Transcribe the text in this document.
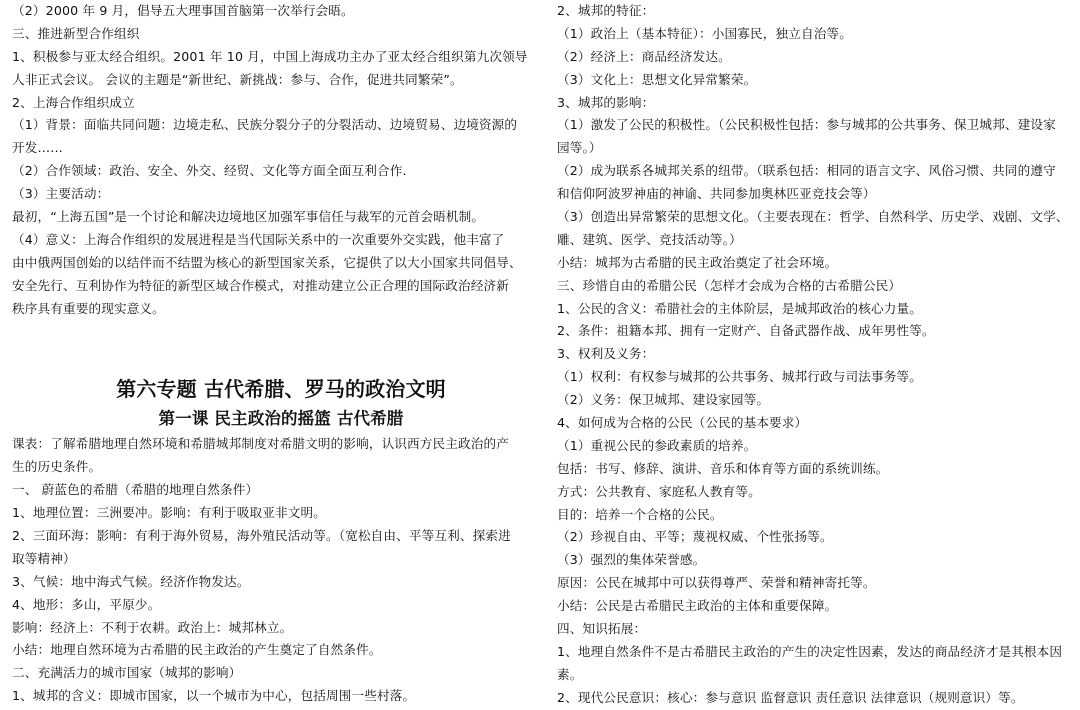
（2）2000 年 9 月，倡导五大理事国首脑第一次举行会晤。
三、推进新型合作组织
1、积极参与亚太经合组织。2001 年 10 月，中国上海成功主办了亚太经合组织第九次领导
人非正式会议。 会议的主题是“新世纪、新挑战：参与、合作，促进共同繁荣”。
2、上海合作组织成立
（1）背景：面临共同问题：边境走私、民族分裂分子的分裂活动、边境贸易、边境资源的
开发……
（2）合作领域：政治、安全、外交、经贸、文化等方面全面互利合作.
（3）主要活动：
最初，“上海五国”是一个讨论和解决边境地区加强军事信任与裁军的元首会晤机制。
（4）意义：上海合作组织的发展进程是当代国际关系中的一次重要外交实践，他丰富了
由中俄两国创始的以结伴而不结盟为核心的新型国家关系，它提供了以大小国家共同倡导、
安全先行、互利协作为特征的新型区域合作模式，对推动建立公正合理的国际政治经济新
秩序具有重要的现实意义。
第六专题 古代希腊、罗马的政治文明
第一课 民主政治的摇篮 古代希腊
课表：了解希腊地理自然环境和希腊城邦制度对希腊文明的影响，认识西方民主政治的产
生的历史条件。
一、 蔚蓝色的希腊（希腊的地理自然条件）
1、地理位置：三洲要冲。影响：有利于吸取亚非文明。
2、三面环海：影响：有利于海外贸易，海外殖民活动等。（宽松自由、平等互利、探索进
取等精神）
3、气候：地中海式气候。经济作物发达。
4、地形：多山，平原少。
影响：经济上：不利于农耕。政治上：城邦林立。
小结：地理自然环境为古希腊的民主政治的产生奠定了自然条件。
二、充满活力的城市国家（城邦的影响）
1、城邦的含义：即城市国家，以一个城市为中心，包括周围一些村落。
2、城邦的特征：
（1）政治上（基本特征）：小国寡民，独立自治等。
（2）经济上：商品经济发达。
（3）文化上：思想文化异常繁荣。
3、城邦的影响：
（1）激发了公民的积极性。（公民积极性包括：参与城邦的公共事务、保卫城邦、建设家
园等。）
（2）成为联系各城邦关系的纽带。（联系包括：相同的语言文字、风俗习惯、共同的遵守
和信仰阿波罗神庙的神谕、共同参加奥林匹亚竞技会等）
（3）创造出异常繁荣的思想文化。（主要表现在：哲学、自然科学、历史学、戏剧、文学、
雕、建筑、医学、竞技活动等。）
小结：城邦为古希腊的民主政治奠定了社会环境。
三、珍惜自由的希腊公民（怎样才会成为合格的古希腊公民）
1、公民的含义：希腊社会的主体阶层，是城邦政治的核心力量。
2、条件：祖籍本邦、拥有一定财产、自备武器作战、成年男性等。
3、权利及义务：
（1）权利：有权参与城邦的公共事务、城邦行政与司法事务等。
（2）义务：保卫城邦、建设家园等。
4、如何成为合格的公民（公民的基本要求）
（1）重视公民的参政素质的培养。
包括：书写、修辞、演讲、音乐和体育等方面的系统训练。
方式：公共教育、家庭私人教育等。
目的：培养一个合格的公民。
（2）珍视自由、平等；蔑视权威、个性张扬等。
（3）强烈的集体荣誉感。
原因：公民在城邦中可以获得尊严、荣誉和精神寄托等。
小结：公民是古希腊民主政治的主体和重要保障。
四、知识拓展：
1、地理自然条件不是古希腊民主政治的产生的决定性因素，发达的商品经济才是其根本因
素。
2、现代公民意识：核心：参与意识 监督意识 责任意识 法律意识（规则意识）等。
